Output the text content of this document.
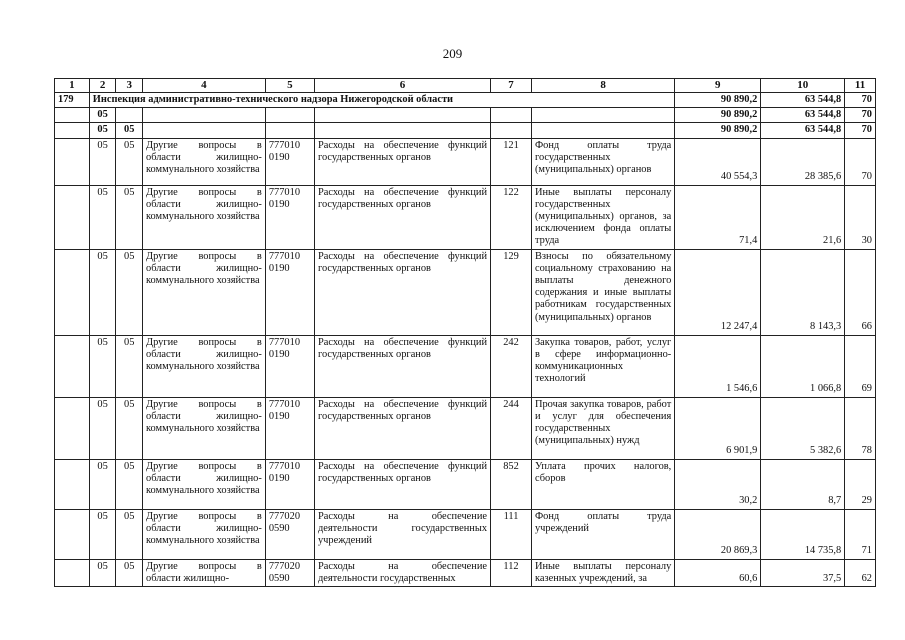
209
1	2	3	4	5	6	7	8	9	10	11
179	Инспекция административно-технического надзора Нижегородской области							90 890,2	63 544,8	70
	05							90 890,2	63 544,8	70
	05	05						90 890,2	63 544,8	70
	05	05	Другие вопросы в области жилищно-коммунального хозяйства	777010 0190	Расходы на обеспечение функций государственных органов	121	Фонд оплаты труда государственных (муниципальных) органов	40 554,3	28 385,6	70
	05	05	Другие вопросы в области жилищно-коммунального хозяйства	777010 0190	Расходы на обеспечение функций государственных органов	122	Иные выплаты персоналу государственных (муниципальных) органов, за исключением фонда оплаты труда	71,4	21,6	30
	05	05	Другие вопросы в области жилищно-коммунального хозяйства	777010 0190	Расходы на обеспечение функций государственных органов	129	Взносы по обязательному социальному страхованию на выплаты денежного содержания и иные выплаты работникам государственных (муниципальных) органов	12 247,4	8 143,3	66
	05	05	Другие вопросы в области жилищно-коммунального хозяйства	777010 0190	Расходы на обеспечение функций государственных органов	242	Закупка товаров, работ, услуг в сфере информационно-коммуникационных технологий	1 546,6	1 066,8	69
	05	05	Другие вопросы в области жилищно-коммунального хозяйства	777010 0190	Расходы на обеспечение функций государственных органов	244	Прочая закупка товаров, работ и услуг для обеспечения государственных (муниципальных) нужд	6 901,9	5 382,6	78
	05	05	Другие вопросы в области жилищно-коммунального хозяйства	777010 0190	Расходы на обеспечение функций государственных органов	852	Уплата прочих налогов, сборов	30,2	8,7	29
	05	05	Другие вопросы в области жилищно-коммунального хозяйства	777020 0590	Расходы на обеспечение деятельности государственных учреждений	111	Фонд оплаты труда учреждений	20 869,3	14 735,8	71
	05	05	Другие вопросы в области жилищно-	777020 0590	Расходы на обеспечение деятельности государственных	112	Иные выплаты персоналу казенных учреждений, за	60,6	37,5	62
